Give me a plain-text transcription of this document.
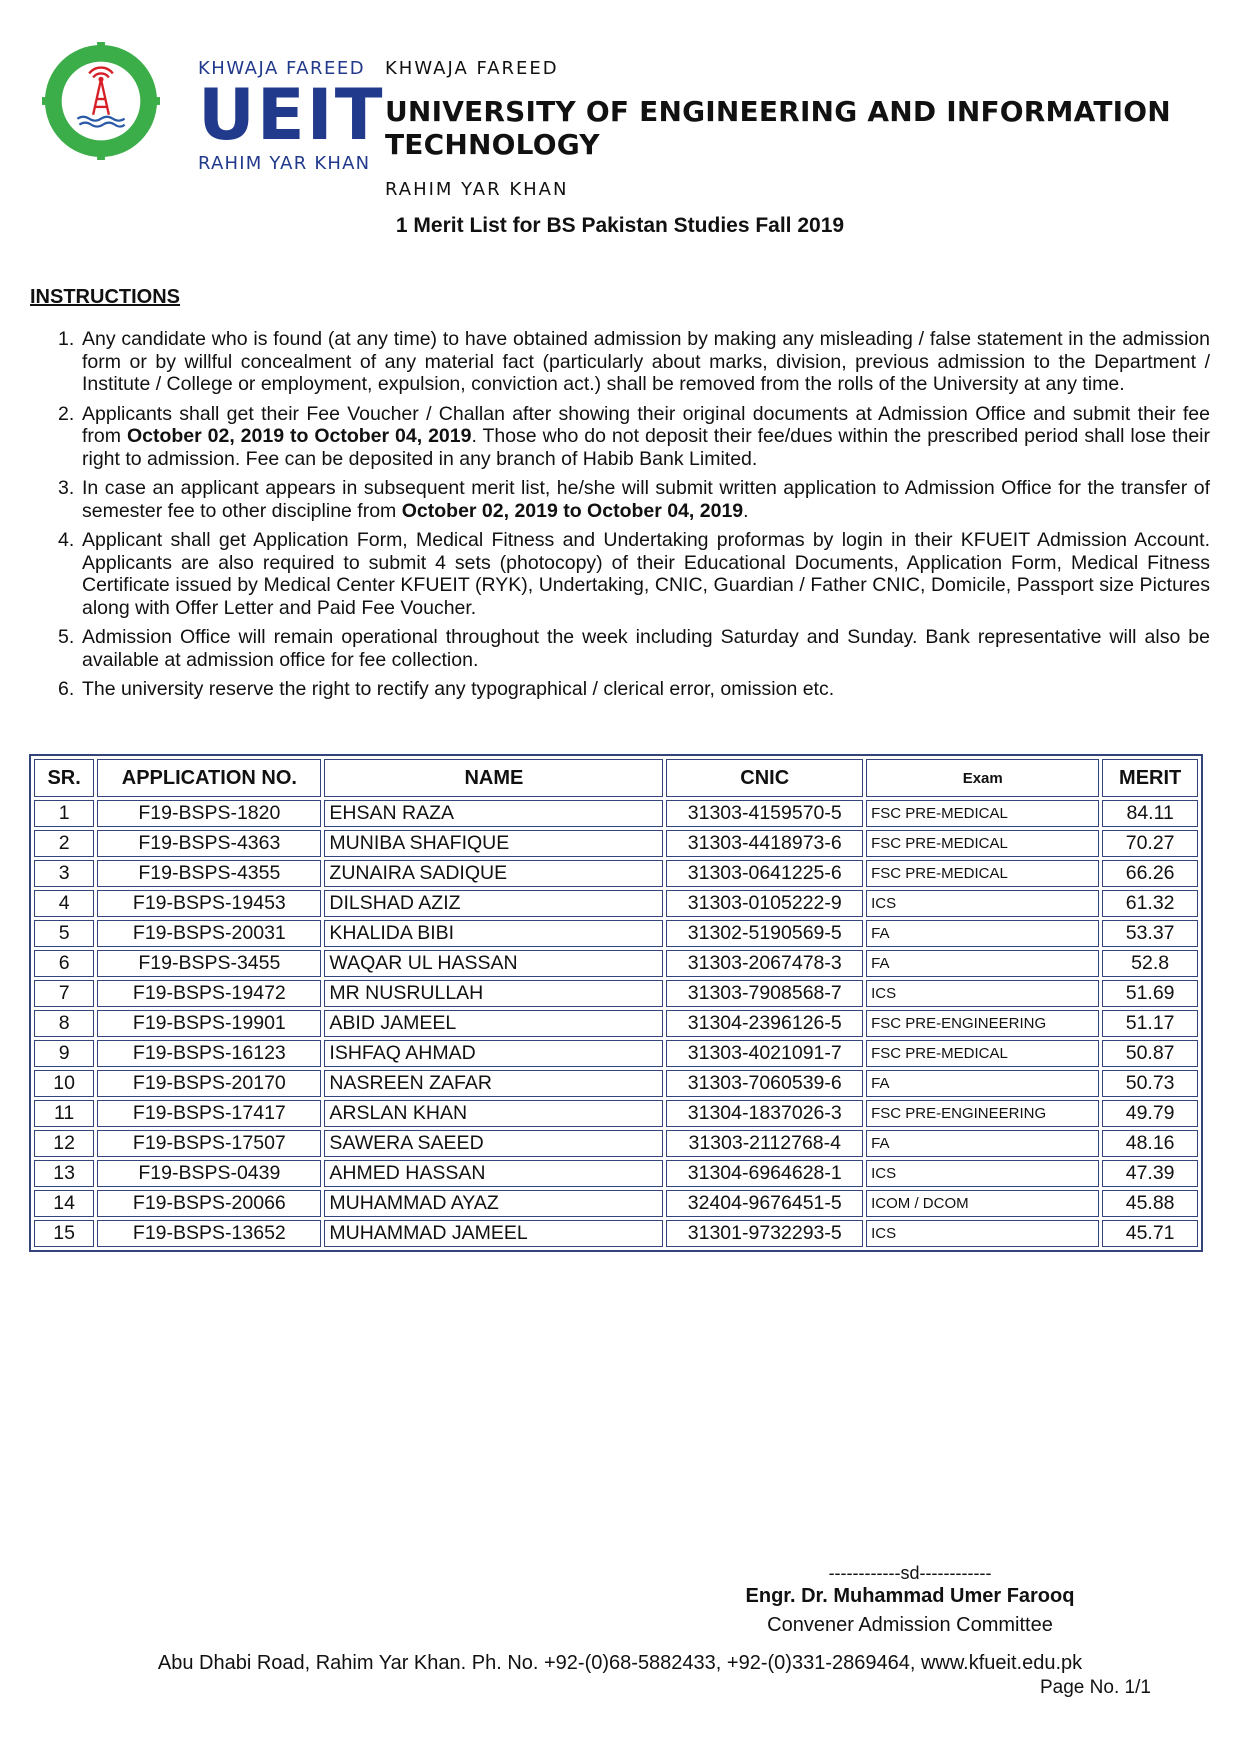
KHWAJA FAREED
UEIT
RAHIM YAR KHAN
KHWAJA FAREED
UNIVERSITY OF ENGINEERING AND INFORMATION TECHNOLOGY
RAHIM YAR KHAN
1 Merit List for BS Pakistan Studies Fall 2019
INSTRUCTIONS
1. Any candidate who is found (at any time) to have obtained admission by making any misleading / false statement in the admission form or by willful concealment of any material fact (particularly about marks, division, previous admission to the Department / Institute / College or employment, expulsion, conviction act.) shall be removed from the rolls of the University at any time.
2. Applicants shall get their Fee Voucher / Challan after showing their original documents at Admission Office and submit their fee from October 02, 2019 to October 04, 2019. Those who do not deposit their fee/dues within the prescribed period shall lose their right to admission. Fee can be deposited in any branch of Habib Bank Limited.
3. In case an applicant appears in subsequent merit list, he/she will submit written application to Admission Office for the transfer of semester fee to other discipline from October 02, 2019 to October 04, 2019.
4. Applicant shall get Application Form, Medical Fitness and Undertaking proformas by login in their KFUEIT Admission Account. Applicants are also required to submit 4 sets (photocopy) of their Educational Documents, Application Form, Medical Fitness Certificate issued by Medical Center KFUEIT (RYK), Undertaking, CNIC, Guardian / Father CNIC, Domicile, Passport size Pictures along with Offer Letter and Paid Fee Voucher.
5. Admission Office will remain operational throughout the week including Saturday and Sunday. Bank representative will also be available at admission office for fee collection.
6. The university reserve the right to rectify any typographical / clerical error, omission etc.
SR.	APPLICATION NO.	NAME	CNIC	Exam	MERIT
1	F19-BSPS-1820	EHSAN RAZA	31303-4159570-5	FSC PRE-MEDICAL	84.11
2	F19-BSPS-4363	MUNIBA SHAFIQUE	31303-4418973-6	FSC PRE-MEDICAL	70.27
3	F19-BSPS-4355	ZUNAIRA SADIQUE	31303-0641225-6	FSC PRE-MEDICAL	66.26
4	F19-BSPS-19453	DILSHAD AZIZ	31303-0105222-9	ICS	61.32
5	F19-BSPS-20031	KHALIDA BIBI	31302-5190569-5	FA	53.37
6	F19-BSPS-3455	WAQAR UL HASSAN	31303-2067478-3	FA	52.8
7	F19-BSPS-19472	MR NUSRULLAH	31303-7908568-7	ICS	51.69
8	F19-BSPS-19901	ABID JAMEEL	31304-2396126-5	FSC PRE-ENGINEERING	51.17
9	F19-BSPS-16123	ISHFAQ AHMAD	31303-4021091-7	FSC PRE-MEDICAL	50.87
10	F19-BSPS-20170	NASREEN ZAFAR	31303-7060539-6	FA	50.73
11	F19-BSPS-17417	ARSLAN KHAN	31304-1837026-3	FSC PRE-ENGINEERING	49.79
12	F19-BSPS-17507	SAWERA SAEED	31303-2112768-4	FA	48.16
13	F19-BSPS-0439	AHMED HASSAN	31304-6964628-1	ICS	47.39
14	F19-BSPS-20066	MUHAMMAD AYAZ	32404-9676451-5	ICOM / DCOM	45.88
15	F19-BSPS-13652	MUHAMMAD JAMEEL	31301-9732293-5	ICS	45.71
------------sd------------
Engr. Dr. Muhammad Umer Farooq
Convener Admission Committee
Abu Dhabi Road, Rahim Yar Khan. Ph. No. +92-(0)68-5882433, +92-(0)331-2869464, www.kfueit.edu.pk
Page No. 1/1
